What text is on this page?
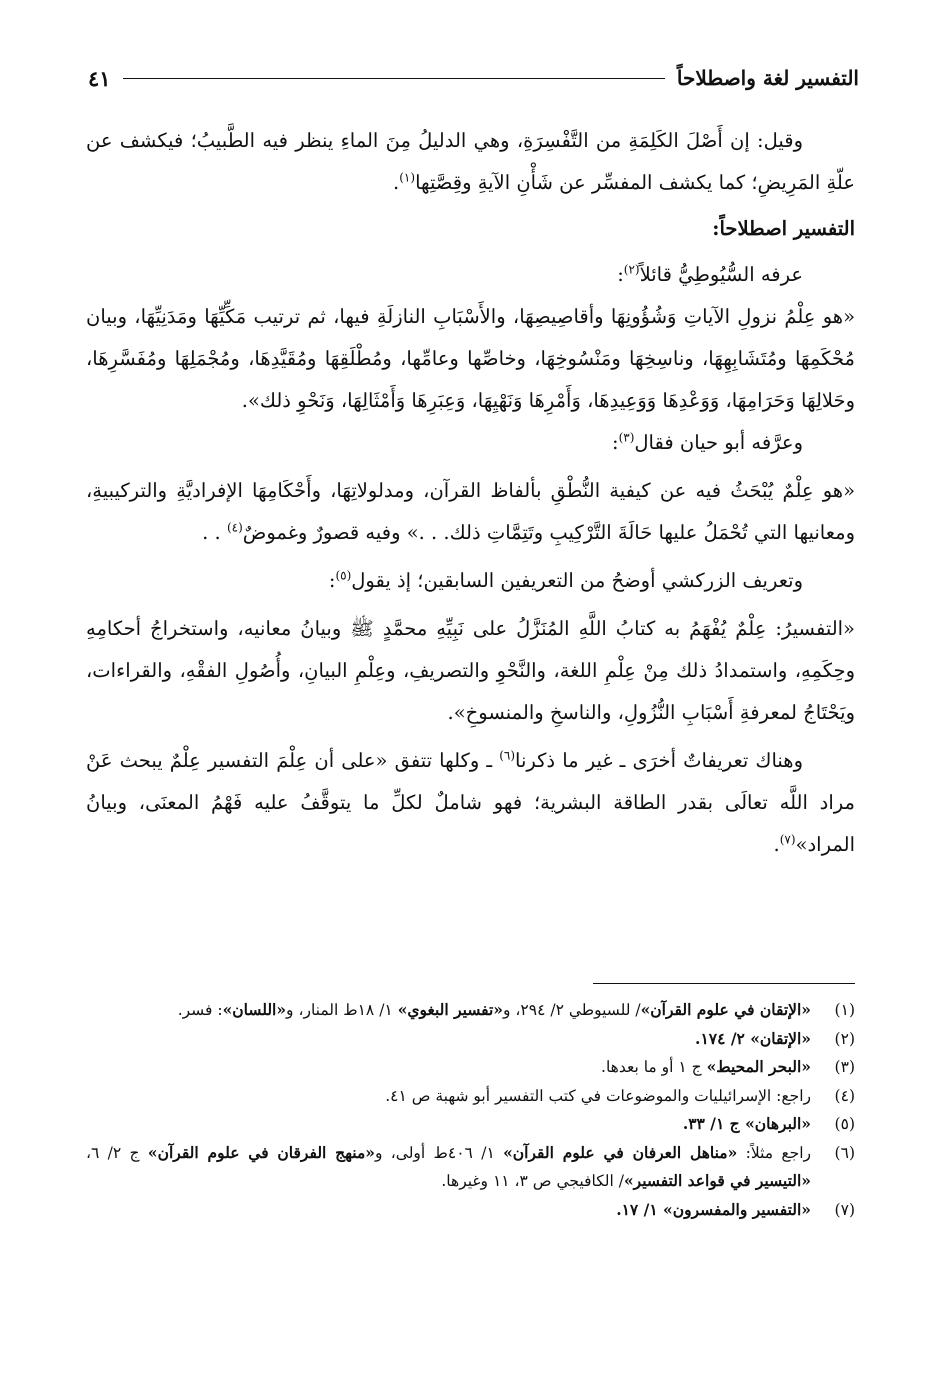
التفسير لغة واصطلاحاً
٤١

وقيل: إن أَصْلَ الكَلِمَةِ من التَّفْسِرَةِ، وهي الدليلُ مِنَ الماءِ ينظر فيه الطَّبيبُ؛ فيكشف عن علّةِ المَرِيضِ؛ كما يكشف المفسِّر عن شَأْنِ الآيةِ وقِصَّتِها$^{(١)}$.

التفسير اصطلاحاً:

عرفه السُّيُوطِيُّ قائلاً$^{(٢)}$:

«هو عِلْمُ نزولِ الآياتِ وَشُؤُونِهَا وأقاصِيصِهَا، والأَسْبَابِ النازلَةِ فيها، ثم ترتيب مَكِّيِّهَا ومَدَنِيِّهَا، وبيان مُحْكَمِهَا ومُتَشَابِهِهَا، وناسِخِهَا ومَنْسُوخِهَا، وخاصِّها وعامِّها، ومُطْلَقِهَا ومُقَيَّدِهَا، ومُجْمَلِهَا ومُفَسَّرِهَا، وحَلالِهَا وَحَرَامِهَا، وَوَعْدِهَا وَوَعِيدِهَا، وَأَمْرِهَا وَنَهْيِهَا، وَعِبَرِهَا وَأَمْثَالِهَا، وَنَحْوِ ذلك».

وعرَّفه أبو حيان فقال$^{(٣)}$:

«هو عِلْمٌ يُبْحَثُ فيه عن كيفية النُّطْقِ بألفاظ القرآن، ومدلولاتِهَا، وأَحْكَامِهَا الإفراديَّةِ والتركيبيةِ، ومعانيها التي تُحْمَلُ عليها حَالَةَ التَّرْكِيبِ وتَتِمَّاتِ ذلك. . .» وفيه قصورٌ وغموضٌ$^{(٤)}$ . .

وتعريف الزركشي أوضحُ من التعريفين السابقين؛ إذ يقول$^{(٥)}$:

«التفسيرُ: عِلْمٌ يُفْهَمُ به كتابُ اللَّهِ المُنَزَّلُ على نَبِيِّهِ محمَّدٍ ﷺ وبيانُ معانيه، واستخراجُ أحكامِهِ وحِكَمِهِ، واستمدادُ ذلك مِنْ عِلْمِ اللغة، والنَّحْوِ والتصريفِ، وعِلْمِ البيانِ، وأُصُولِ الفقْهِ، والقراءات، ويَحْتَاجُ لمعرفةِ أَسْبَابِ النُّزُولِ، والناسخِ والمنسوخِ».

وهناك تعريفاتٌ أخرَى ـ غير ما ذكرنا$^{(٦)}$ ـ وكلها تتفق «على أن عِلْمَ التفسير عِلْمٌ يبحث عَنْ مراد اللَّه تعالَى بقدر الطاقة البشرية؛ فهو شاملٌ لكلِّ ما يتوقَّفُ عليه فَهْمُ المعنَى، وبيانُ المراد»$^{(٧)}$.

(١)
«الإتقان في علوم القرآن»/ للسيوطي ٢/ ٢٩٤، و«تفسير البغوي» ١/ ١٨ط المنار، و«اللسان»: فسر.
(٢)
«الإتقان» ٢/ ١٧٤.
(٣)
«البحر المحيط» ج ١ أو ما بعدها.
(٤)
راجع: الإسرائيليات والموضوعات في كتب التفسير أبو شهبة ص ٤١.
(٥)
«البرهان» ج ١/ ٣٣.
(٦)
راجع مثلاً: «مناهل العرفان في علوم القرآن» ١/ ٤٠٦ط أولى، و«منهج الفرقان في علوم القرآن» ج ٢/ ٦، «التيسير في قواعد التفسير»/ الكافيجي ص ٣، ١١ وغيرها.
(٧)
«التفسير والمفسرون» ١/ ١٧.
